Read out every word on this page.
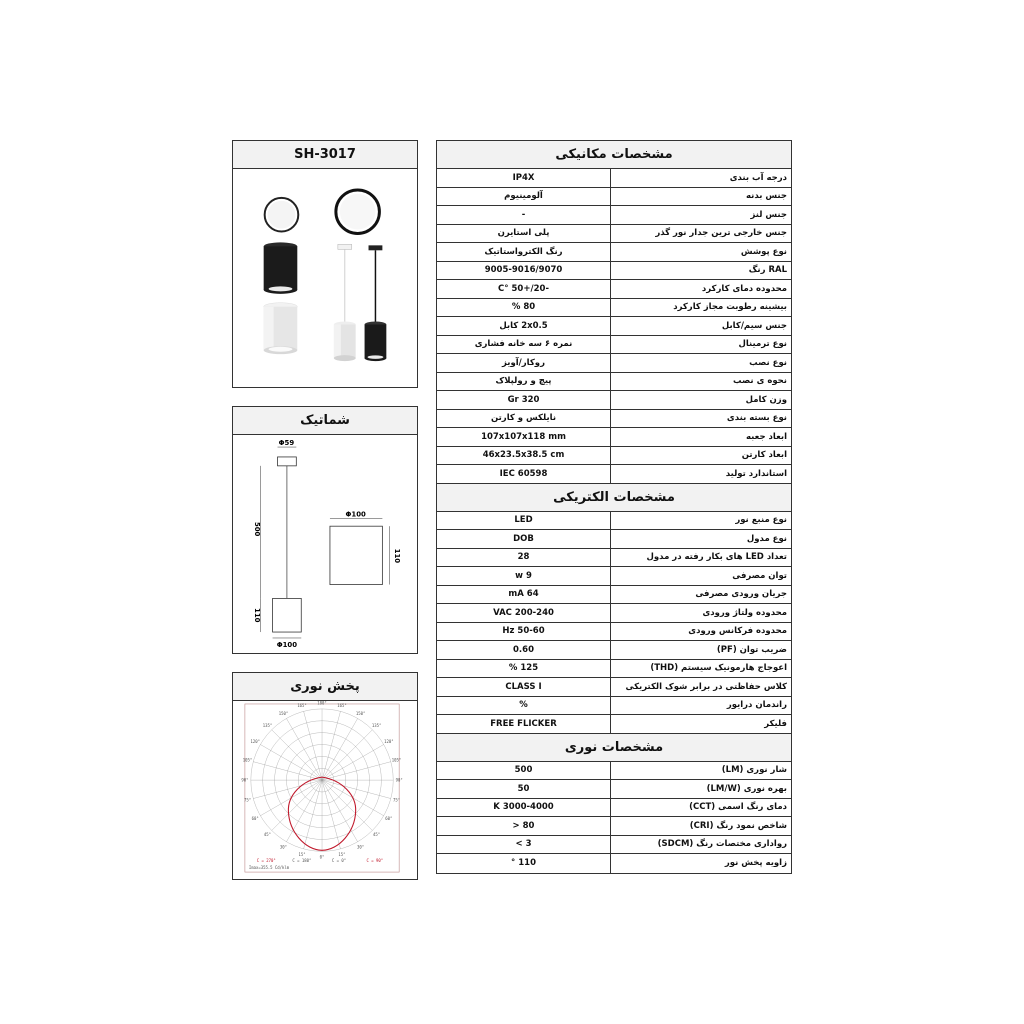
SH-3017
شماتیک
Φ59
500
110
Φ100
Φ100
110
پخش نوری
180°
165°
165°
150°
150°
135°
135°
120°
120°
105°
105°
90°
90°
75°
75°
60°
60°
45°
45°
30°
30°
15°
15°
0°
C = 270°	C = 180°	C = 0°	C = 90°
Imax=355.5 Cd/klm
مشخصات مکانیکی
IP4X	درجه آب بندی
آلومینیوم	جنس بدنه
-	جنس لنز
پلی استایرن	جنس خارجی ترین جدار نور گذر
رنگ الکترواستاتیک	نوع پوشش
9005-9016/9070	RAL رنگ
-20/+50 °C	محدوده دمای کارکرد
80 %	بیشینه رطوبت مجاز کارکرد
2x0.5 کابل	جنس سیم/کابل
نمره ۶ سه خانه فشاری	نوع ترمینال
روکار/آویز	نوع نصب
پیچ و رولپلاک	نحوه ی نصب
320 Gr	وزن کامل
نایلکس و کارتن	نوع بسته بندی
107x107x118 mm	ابعاد جعبه
46x23.5x38.5 cm	ابعاد کارتن
IEC 60598	استاندارد تولید
مشخصات الکتریکی
LED	نوع منبع نور
DOB	نوع مدول
28	تعداد LED های بکار رفته در مدول
9 w	توان مصرفی
64 mA	جریان ورودی مصرفی
200-240 VAC	محدوده ولتاژ ورودی
50-60 Hz	محدوده فرکانس ورودی
0.60	ضریب توان (PF)
125 %	اعوجاج هارمونیک سیستم (THD)
CLASS I	کلاس حفاظتی در برابر شوک الکتریکی
%	راندمان درایور
FREE FLICKER	فلیکر
مشخصات نوری
500	شار نوری (LM)
50	بهره نوری (LM/W)
3000-4000 K	دمای رنگ اسمی (CCT)
80 <	شاخص نمود رنگ (CRI)
3 >	رواداری مختصات رنگ (SDCM)
110 °	زاویه پخش نور
